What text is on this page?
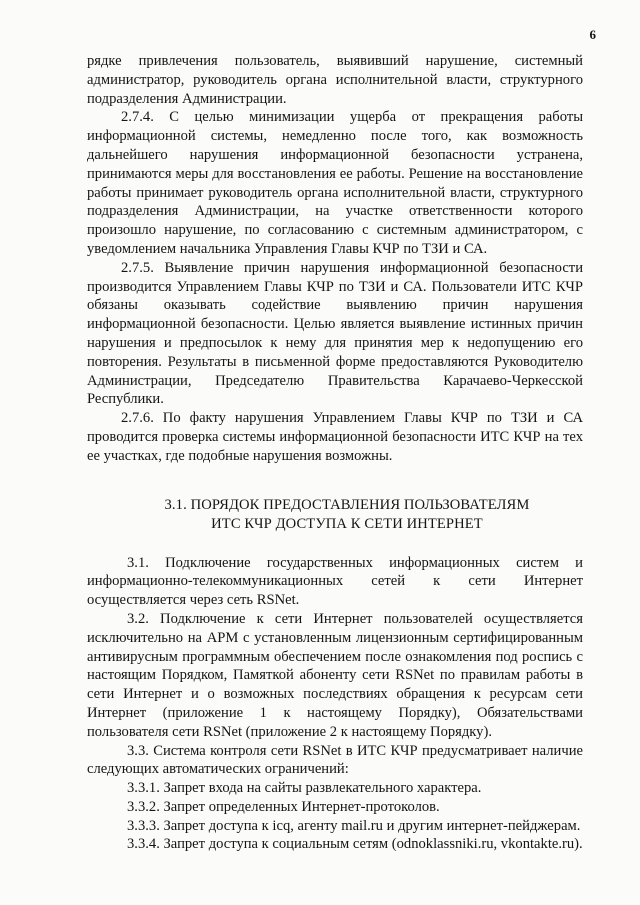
6

рядке привлечения пользователь, выявивший нарушение, системный администратор, руководитель органа исполнительной власти, структурного подразделения Администрации.

2.7.4. С целью минимизации ущерба от прекращения работы информационной системы, немедленно после того, как возможность дальнейшего нарушения информационной безопасности устранена, принимаются меры для восстановления ее работы. Решение на восстановление работы принимает руководитель органа исполнительной власти, структурного подразделения Администрации, на участке ответственности которого произошло нарушение, по согласованию с системным администратором, с уведомлением начальника Управления Главы КЧР по ТЗИ и СА.

2.7.5. Выявление причин нарушения информационной безопасности производится Управлением Главы КЧР по ТЗИ и СА. Пользователи ИТС КЧР обязаны оказывать содействие выявлению причин нарушения информационной безопасности. Целью является выявление истинных причин нарушения и предпосылок к нему для принятия мер к недопущению его повторения. Результаты в письменной форме предоставляются Руководителю Администрации, Председателю Правительства Карачаево-Черкесской Республики.

2.7.6. По факту нарушения Управлением Главы КЧР по ТЗИ и СА проводится проверка системы информационной безопасности ИТС КЧР на тех ее участках, где подобные нарушения возможны.

3.1. ПОРЯДОК ПРЕДОСТАВЛЕНИЯ ПОЛЬЗОВАТЕЛЯМ
ИТС КЧР ДОСТУПА К СЕТИ ИНТЕРНЕТ

3.1. Подключение государственных информационных систем и информационно-телекоммуникационных сетей к сети Интернет осуществляется через сеть RSNet.

3.2. Подключение к сети Интернет пользователей осуществляется исключительно на АРМ с установленным лицензионным сертифицированным антивирусным программным обеспечением после ознакомления под роспись с настоящим Порядком, Памяткой абоненту сети RSNet по правилам работы в сети Интернет и о возможных последствиях обращения к ресурсам сети Интернет (приложение 1 к настоящему Порядку), Обязательствами пользователя сети RSNet (приложение 2 к настоящему Порядку).

3.3. Система контроля сети RSNet в ИТС КЧР предусматривает наличие следующих автоматических ограничений:

3.3.1. Запрет входа на сайты развлекательного характера.

3.3.2. Запрет определенных Интернет-протоколов.

3.3.3. Запрет доступа к icq, агенту mail.ru и другим интернет-пейджерам.

3.3.4. Запрет доступа к социальным сетям (odnoklassniki.ru, vkontakte.ru).
